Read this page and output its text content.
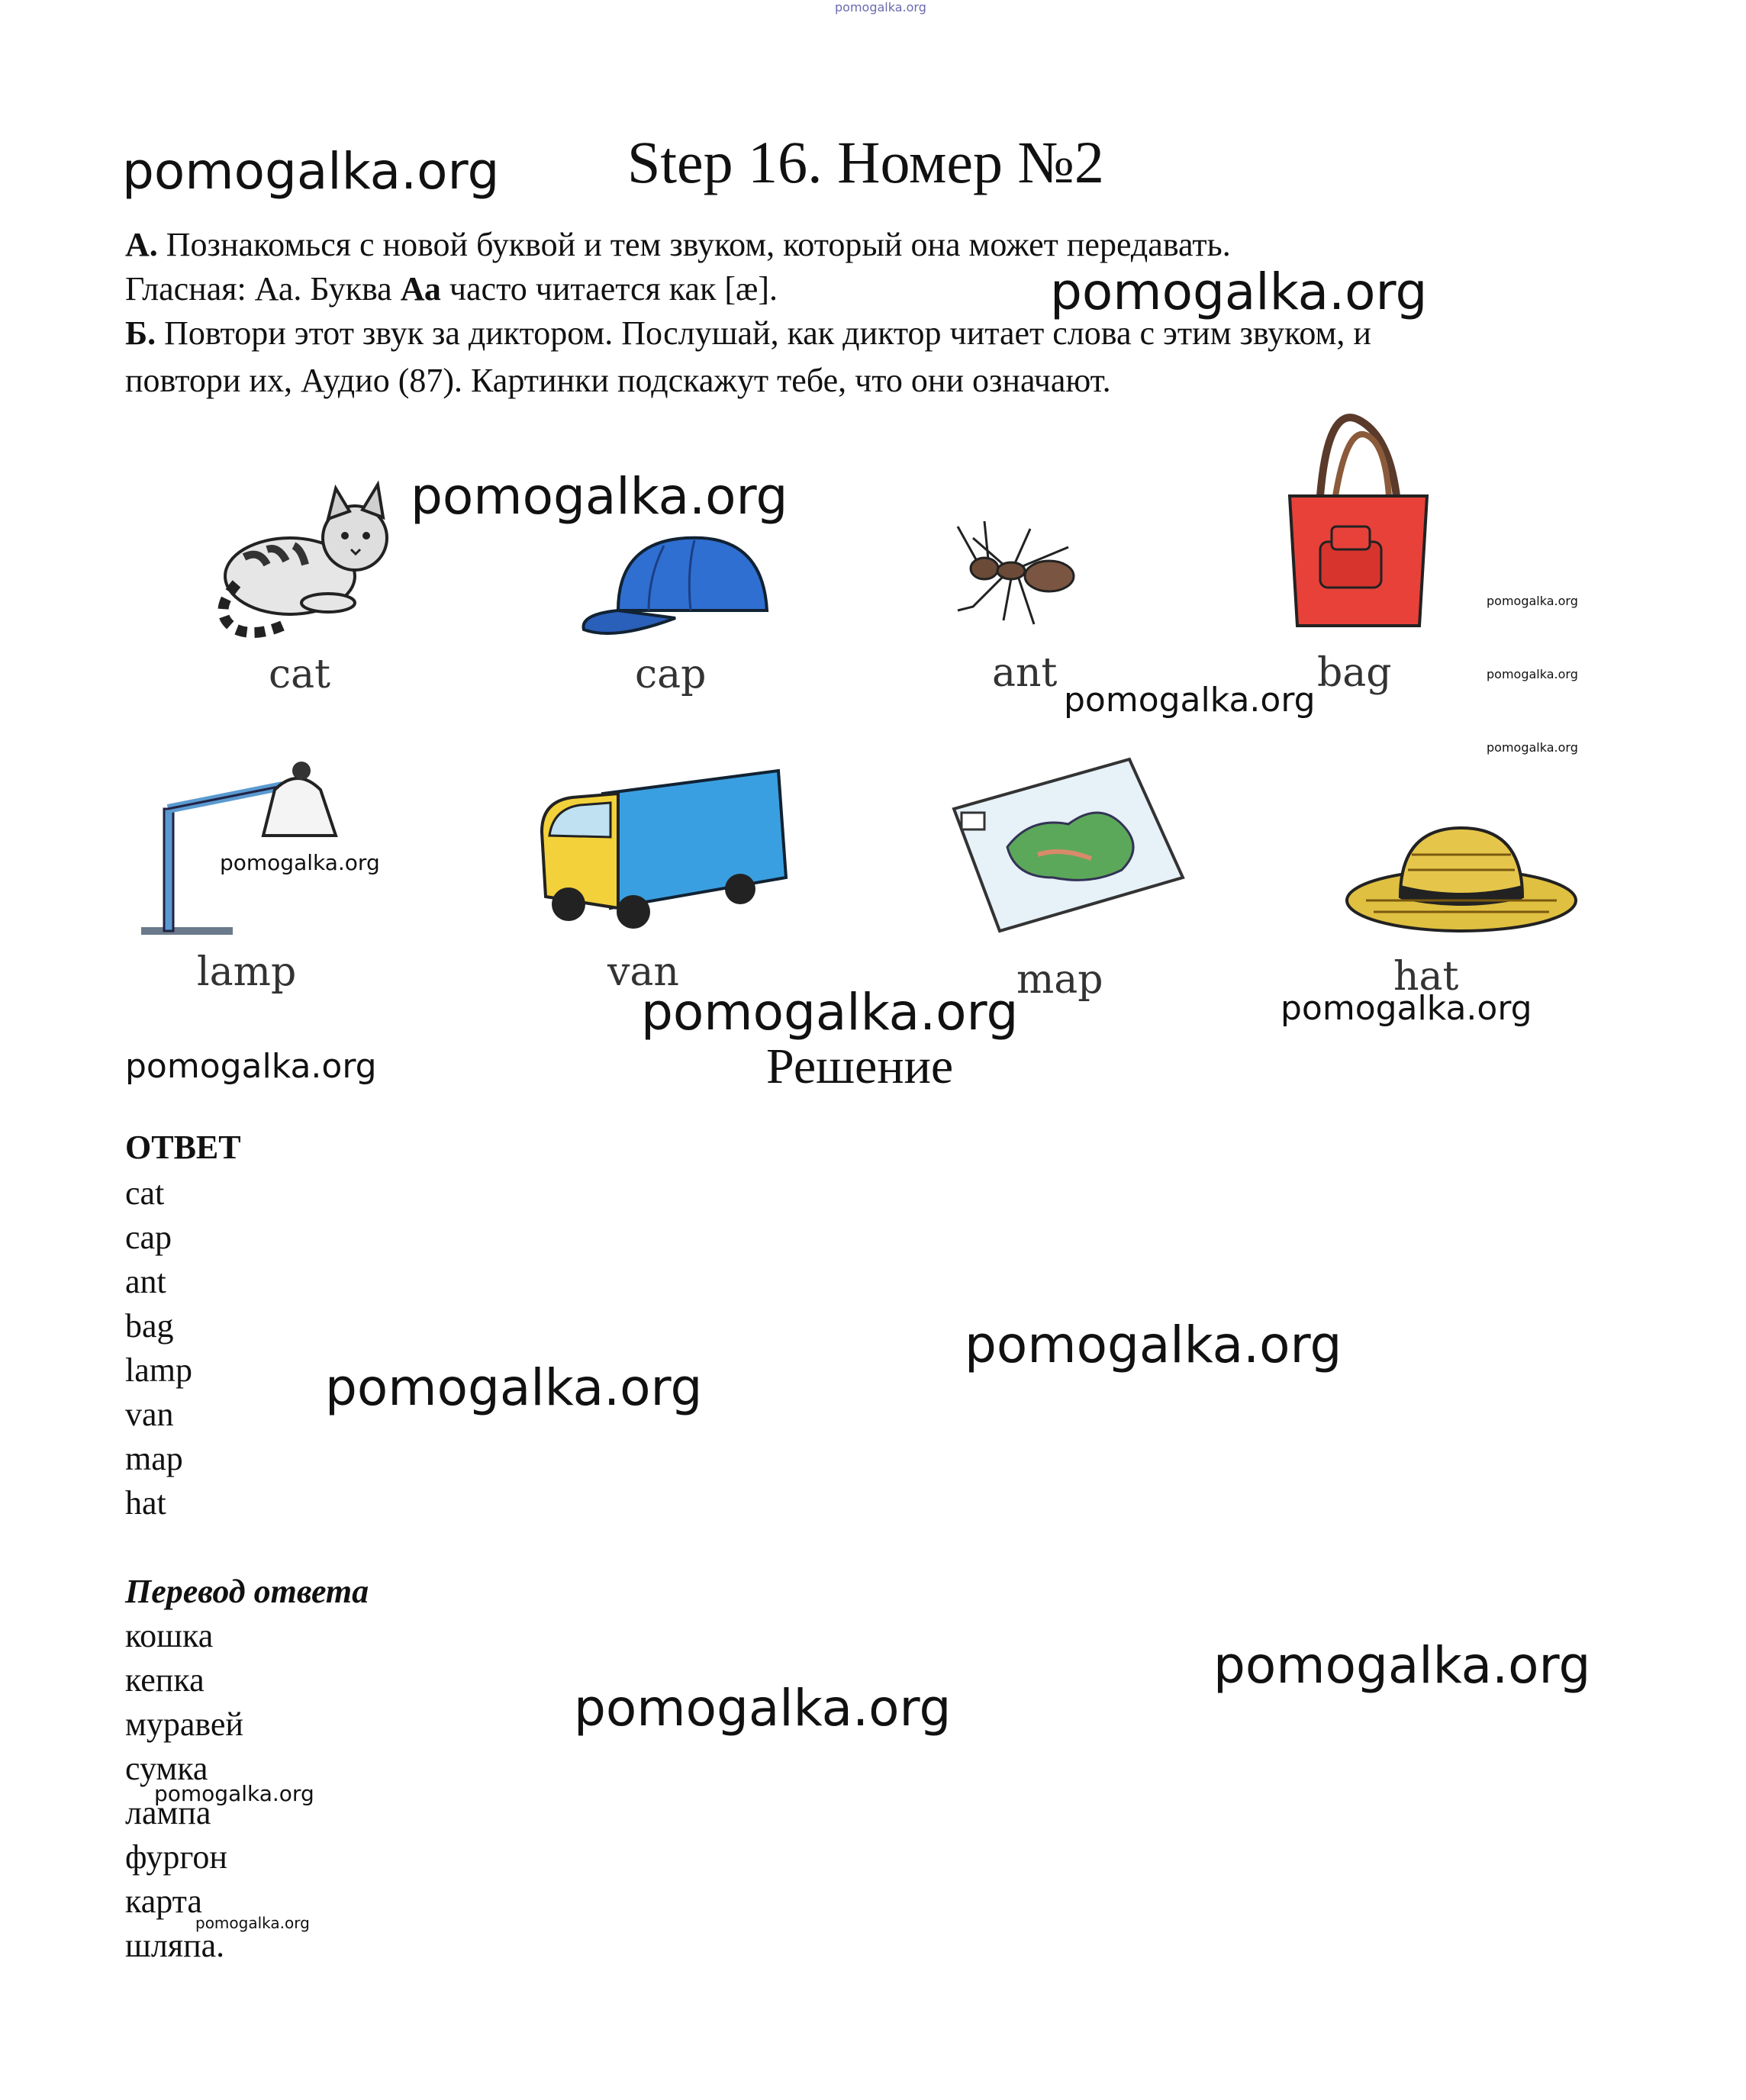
pomogalka.org
pomogalka.org Step 16. Номер №2
А. Познакомься с новой буквой и тем звуком, который она может передавать.
Гласная: Аа. Буква Аа часто читается как [æ].
Б. Повтори этот звук за диктором. Послушай, как диктор читает слова с этим звуком, и
повтори их, Аудио (87). Картинки подскажут тебе, что они означают.
pomogalka.org
cat	cap	ant	bag
pomogalka.org
pomogalka.org
pomogalka.org
pomogalka.org
pomogalka.org
lamp	van	map	hat
pomogalka.org
pomogalka.org	pomogalka.org
pomogalka.org	Решение
ОТВЕТ
cat
cap
ant
bag
lamp
van
map
hat
pomogalka.org
pomogalka.org
Перевод ответа
кошка
кепка
муравей
сумка
лампа
фургон
карта
шляпа.
pomogalka.org
pomogalka.org
pomogalka.org
pomogalka.org
pomogalka.org
